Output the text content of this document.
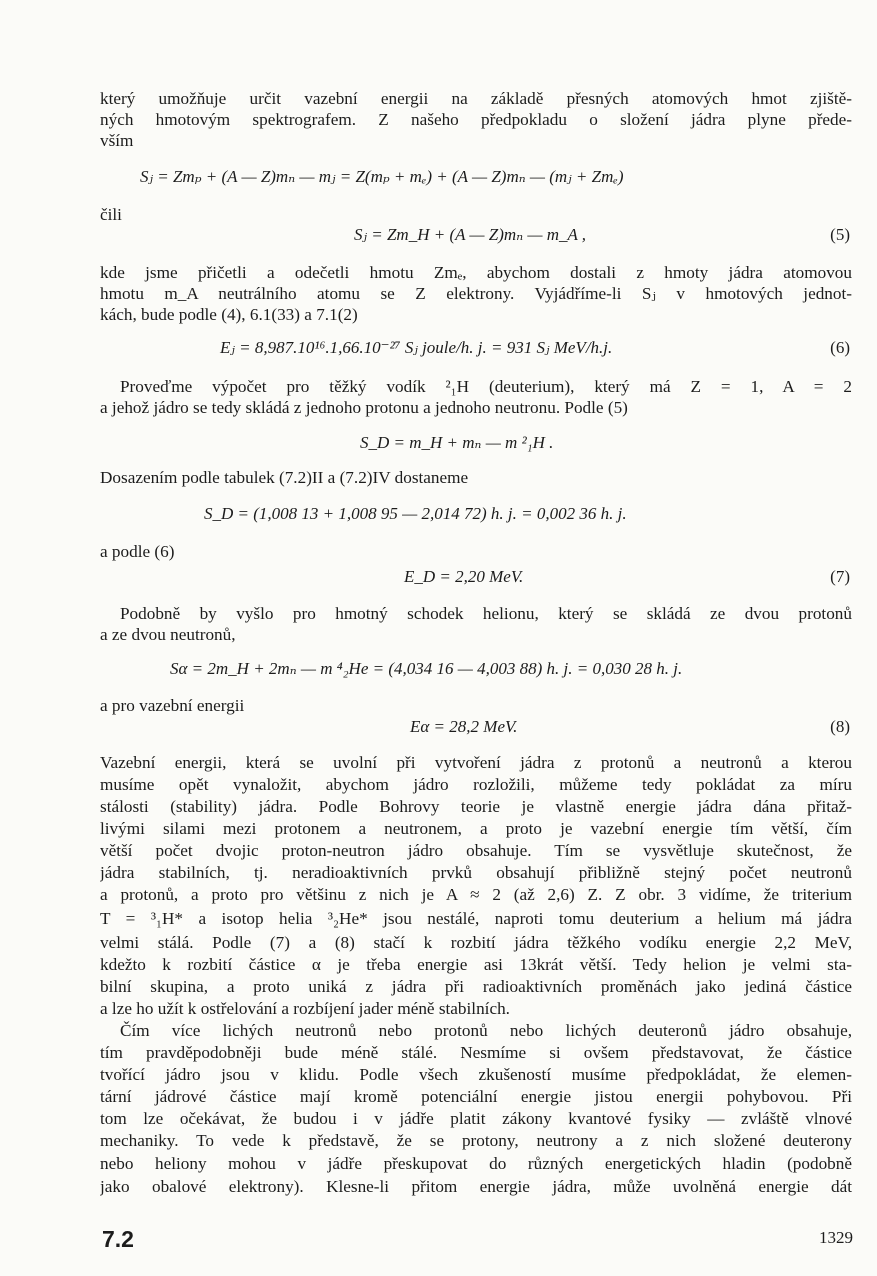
který umožňuje určit vazební energii na základě přesných atomových hmot zjiště-
ných hmotovým spektrografem. Z našeho předpokladu o složení jádra plyne přede-
vším
Sⱼ = Zmₚ + (A — Z)mₙ — mⱼ = Z(mₚ + mₑ) + (A — Z)mₙ — (mⱼ + Zmₑ)
čili
Sⱼ = Zm_H + (A — Z)mₙ — m_A ,	(5)
kde jsme přičetli a odečetli hmotu Zmₑ, abychom dostali z hmoty jádra atomovou
hmotu m_A neutrálního atomu se Z elektrony. Vyjádříme-li Sⱼ v hmotových jednot-
kách, bude podle (4), 6.1(33) a 7.1(2)
Eⱼ = 8,987.10¹⁶.1,66.10⁻²⁷ Sⱼ joule/h. j. = 931 Sⱼ MeV/h.j.	(6)
Proveďme výpočet pro těžký vodík ²₁H (deuterium), který má Z = 1, A = 2
a jehož jádro se tedy skládá z jednoho protonu a jednoho neutronu. Podle (5)
S_D = m_H + mₙ — m ²₁H .
Dosazením podle tabulek (7.2)II a (7.2)IV dostaneme
S_D = (1,008 13 + 1,008 95 — 2,014 72) h. j. = 0,002 36 h. j.
a podle (6)
E_D = 2,20 MeV.	(7)
Podobně by vyšlo pro hmotný schodek helionu, který se skládá ze dvou protonů
a ze dvou neutronů,
Sα = 2m_H + 2mₙ — m ⁴₂He = (4,034 16 — 4,003 88) h. j. = 0,030 28 h. j.
a pro vazební energii
Eα = 28,2 MeV.	(8)
Vazební energii, která se uvolní při vytvoření jádra z protonů a neutronů a kterou
musíme opět vynaložit, abychom jádro rozložili, můžeme tedy pokládat za míru
stálosti (stability) jádra. Podle Bohrovy teorie je vlastně energie jádra dána přitaž-
livými silami mezi protonem a neutronem, a proto je vazební energie tím větší, čím
větší počet dvojic proton-neutron jádro obsahuje. Tím se vysvětluje skutečnost, že
jádra stabilních, tj. neradioaktivních prvků obsahují přibližně stejný počet neutronů
a protonů, a proto pro většinu z nich je A ≈ 2 (až 2,6) Z. Z obr. 3 vidíme, že triterium
T = ³₁H* a isotop helia ³₂He* jsou nestálé, naproti tomu deuterium a helium má jádra
velmi stálá. Podle (7) a (8) stačí k rozbití jádra těžkého vodíku energie 2,2 MeV,
kdežto k rozbití částice α je třeba energie asi 13krát větší. Tedy helion je velmi sta-
bilní skupina, a proto uniká z jádra při radioaktivních proměnách jako jediná částice
a lze ho užít k ostřelování a rozbíjení jader méně stabilních.
Čím více lichých neutronů nebo protonů nebo lichých deuteronů jádro obsahuje,
tím pravděpodobněji bude méně stálé. Nesmíme si ovšem představovat, že částice
tvořící jádro jsou v klidu. Podle všech zkušeností musíme předpokládat, že elemen-
tární jádrové částice mají kromě potenciální energie jistou energii pohybovou. Při
tom lze očekávat, že budou i v jádře platit zákony kvantové fysiky — zvláště vlnové
mechaniky. To vede k představě, že se protony, neutrony a z nich složené deuterony
nebo heliony mohou v jádře přeskupovat do různých energetických hladin (podobně
jako obalové elektrony). Klesne-li přitom energie jádra, může uvolněná energie dát
7.2	1329
